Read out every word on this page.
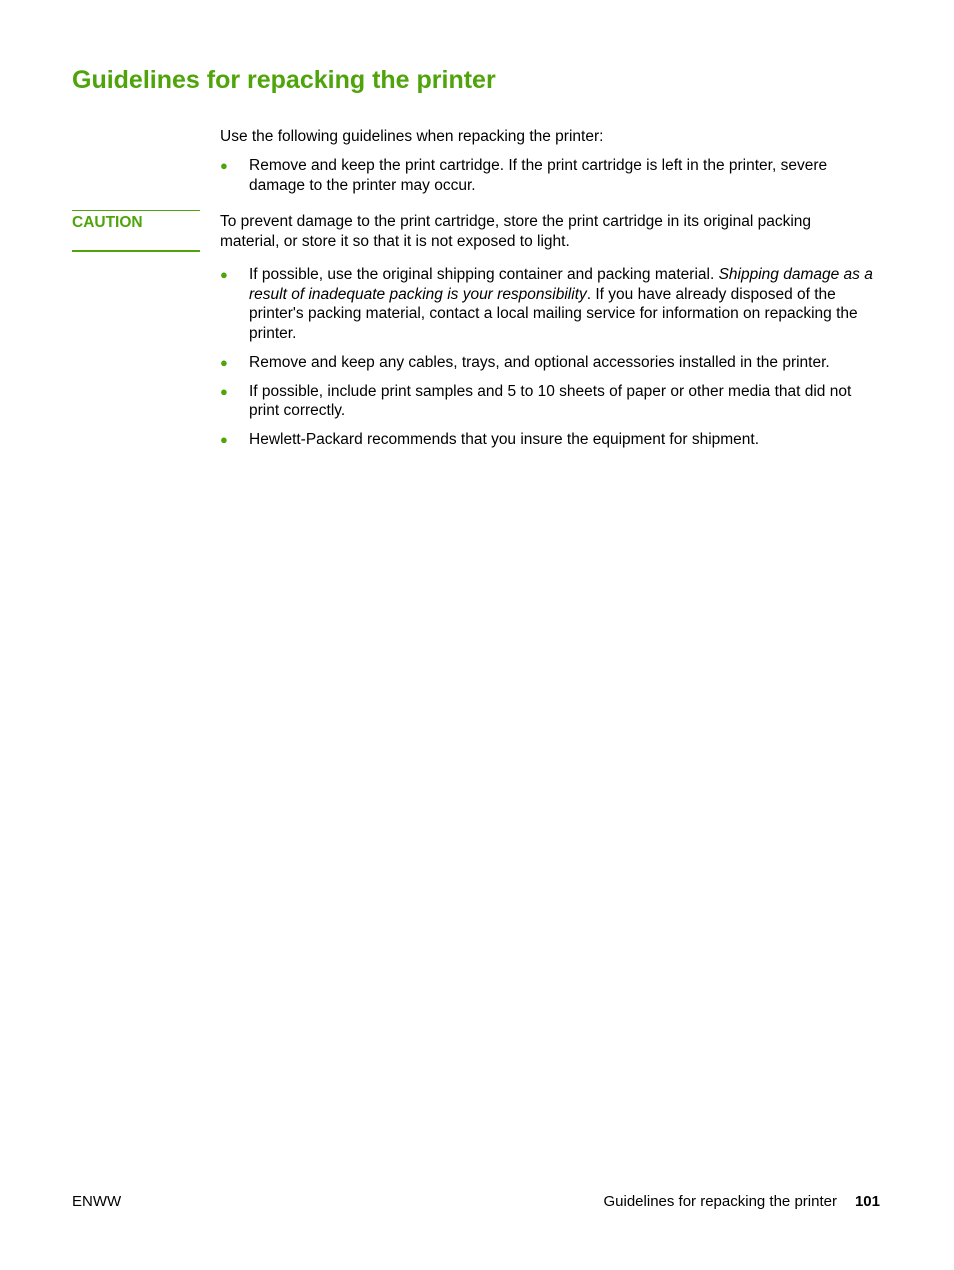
Guidelines for repacking the printer

Use the following guidelines when repacking the printer:

● Remove and keep the print cartridge. If the print cartridge is left in the printer, severe damage to the printer may occur.
CAUTION	To prevent damage to the print cartridge, store the print cartridge in its original packing material, or store it so that it is not exposed to light.

● If possible, use the original shipping container and packing material. Shipping damage as a result of inadequate packing is your responsibility. If you have already disposed of the printer's packing material, contact a local mailing service for information on repacking the printer.
● Remove and keep any cables, trays, and optional accessories installed in the printer.
● If possible, include print samples and 5 to 10 sheets of paper or other media that did not print correctly.
● Hewlett-Packard recommends that you insure the equipment for shipment.
ENWW	Guidelines for repacking the printer 101
